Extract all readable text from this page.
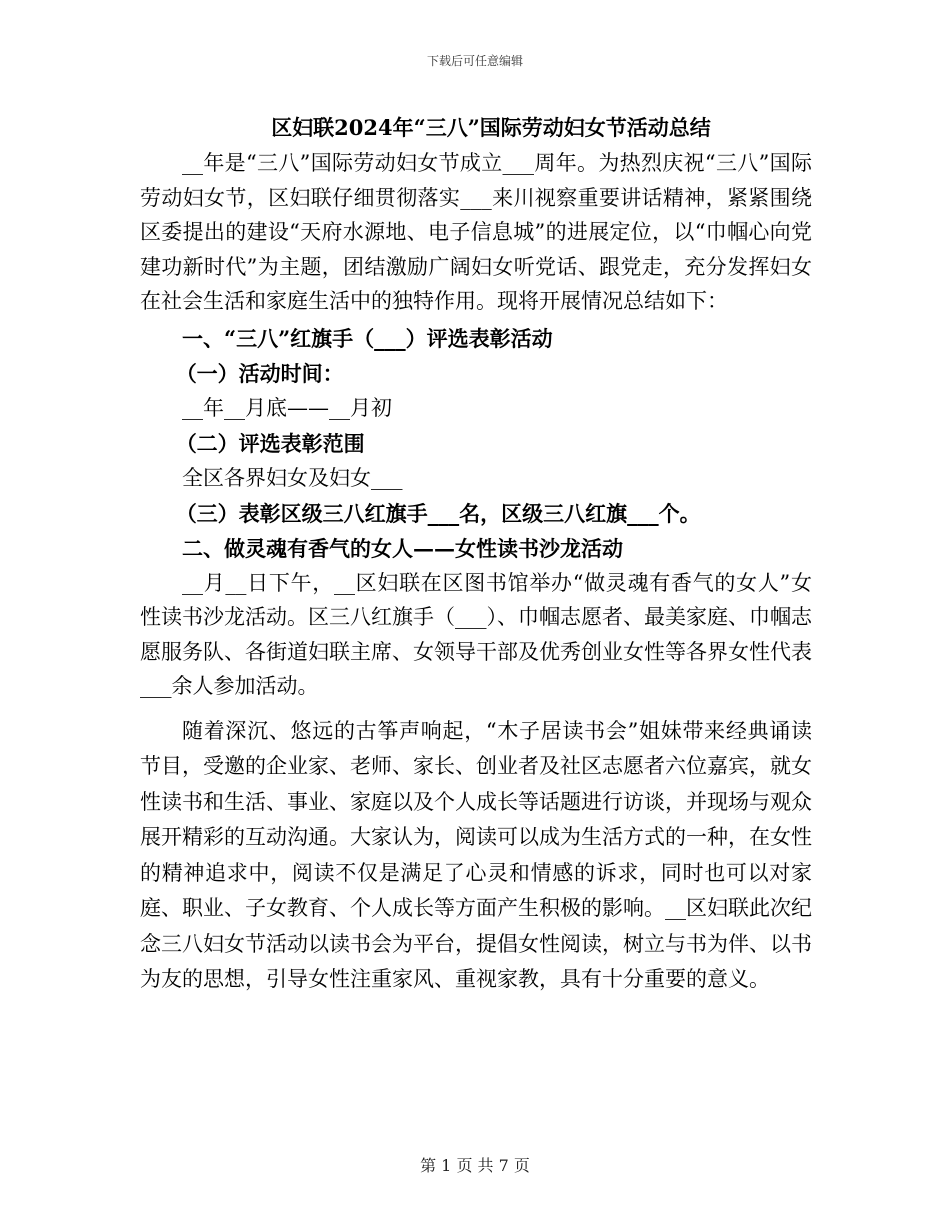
下载后可任意编辑

区妇联2024年“三八”国际劳动妇女节活动总结

__年是“三八”国际劳动妇女节成立___周年。为热烈庆祝“三八”国际劳动妇女节，区妇联仔细贯彻落实___来川视察重要讲话精神，紧紧围绕区委提出的建设“天府水源地、电子信息城”的进展定位，以“巾帼心向党建功新时代”为主题，团结激励广阔妇女听党话、跟党走，充分发挥妇女在社会生活和家庭生活中的独特作用。现将开展情况总结如下：

一、“三八”红旗手（___）评选表彰活动

（一）活动时间：

__年__月底——__月初

（二）评选表彰范围

全区各界妇女及妇女___

（三）表彰区级三八红旗手___名，区级三八红旗___个。

二、做灵魂有香气的女人——女性读书沙龙活动

__月__日下午，__区妇联在区图书馆举办“做灵魂有香气的女人”女性读书沙龙活动。区三八红旗手（___）、巾帼志愿者、最美家庭、巾帼志愿服务队、各街道妇联主席、女领导干部及优秀创业女性等各界女性代表___余人参加活动。

随着深沉、悠远的古筝声响起，“木子居读书会”姐妹带来经典诵读节目，受邀的企业家、老师、家长、创业者及社区志愿者六位嘉宾，就女性读书和生活、事业、家庭以及个人成长等话题进行访谈，并现场与观众展开精彩的互动沟通。大家认为，阅读可以成为生活方式的一种，在女性的精神追求中，阅读不仅是满足了心灵和情感的诉求，同时也可以对家庭、职业、子女教育、个人成长等方面产生积极的影响。__区妇联此次纪念三八妇女节活动以读书会为平台，提倡女性阅读，树立与书为伴、以书为友的思想，引导女性注重家风、重视家教，具有十分重要的意义。

第 1 页 共 7 页
